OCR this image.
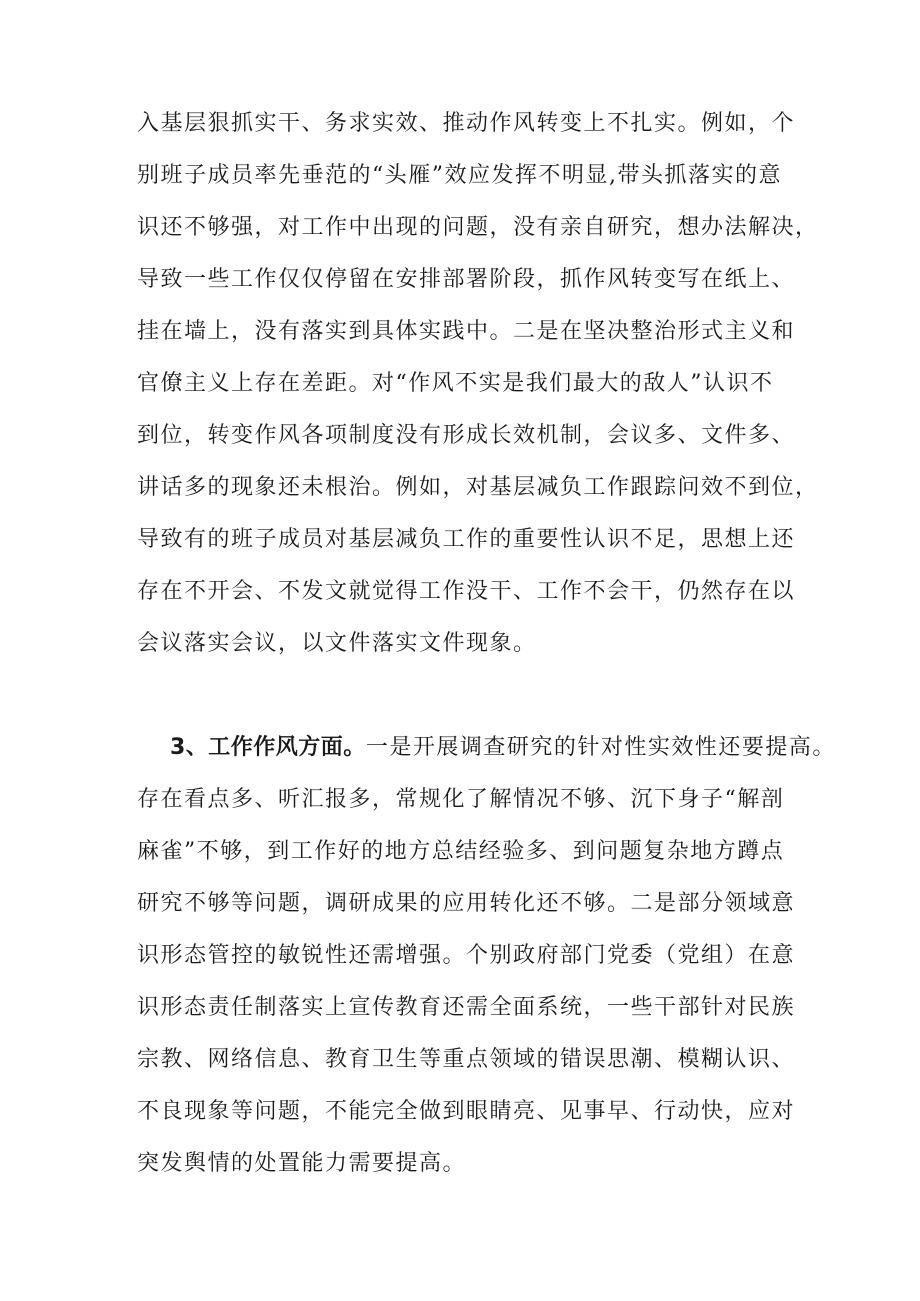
入基层狠抓实干、务求实效、推动作风转变上不扎实。例如，个
别班子成员率先垂范的“头雁”效应发挥不明显,带头抓落实的意
识还不够强，对工作中出现的问题，没有亲自研究，想办法解决，
导致一些工作仅仅停留在安排部署阶段，抓作风转变写在纸上、
挂在墙上，没有落实到具体实践中。二是在坚决整治形式主义和
官僚主义上存在差距。对“作风不实是我们最大的敌人”认识不
到位，转变作风各项制度没有形成长效机制，会议多、文件多、
讲话多的现象还未根治。例如，对基层减负工作跟踪问效不到位，
导致有的班子成员对基层减负工作的重要性认识不足，思想上还
存在不开会、不发文就觉得工作没干、工作不会干，仍然存在以
会议落实会议，以文件落实文件现象。
3、工作作风方面。一是开展调查研究的针对性实效性还要提高。
存在看点多、听汇报多，常规化了解情况不够、沉下身子“解剖
麻雀”不够，到工作好的地方总结经验多、到问题复杂地方蹲点
研究不够等问题，调研成果的应用转化还不够。二是部分领域意
识形态管控的敏锐性还需增强。个别政府部门党委（党组）在意
识形态责任制落实上宣传教育还需全面系统，一些干部针对民族
宗教、网络信息、教育卫生等重点领域的错误思潮、模糊认识、
不良现象等问题，不能完全做到眼睛亮、见事早、行动快，应对
突发舆情的处置能力需要提高。
